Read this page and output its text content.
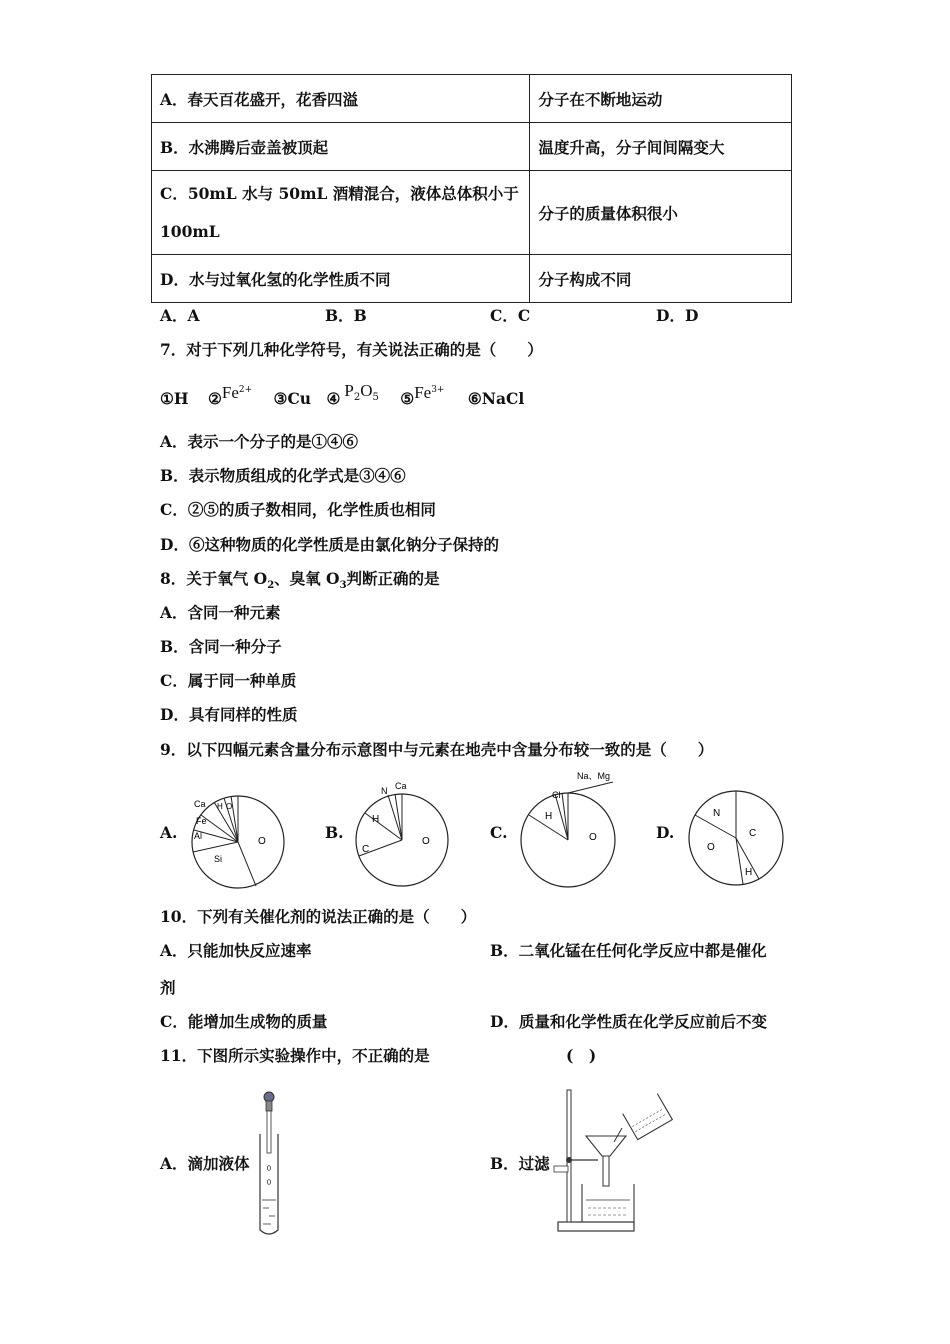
A．春天百花盛开，花香四溢	分子在不断地运动
B．水沸腾后壶盖被顶起	温度升高，分子间间隔变大

C．50mL 水与 50mL 酒精混合，液体总体积小于
100mL	分子的质量体积很小
D．水与过氧化氢的化学性质不同	分子构成不同
A．A	B．B	C．C	D．D
7．对于下列几种化学符号，有关说法正确的是（　　）
①H $②Fe^{2+}$ ③Cu ④ $P_2O_5$ $⑤Fe^{3+}$ ⑥NaCl
A．表示一个分子的是①④⑥
B．表示物质组成的化学式是③④⑥
C．②⑤的质子数相同，化学性质也相同
D．⑥这种物质的化学性质是由氯化钠分子保持的
8．关于氧气 $O_2$、臭氧 $O_3$判断正确的是
A．含同一种元素
B．含同一种分子
C．属于同一种单质
D．具有同样的性质
9．以下四幅元素含量分布示意图中与元素在地壳中含量分布较一致的是（　　）
A.	B.	C.	D.
Ca H O
Fe
Al
Si
O
N Ca
H
C
O
Cl
Na、Mg
H
O
N
C
O
H
10．下列有关催化剂的说法正确的是（　　）
A．只能加快反应速率	B．二氧化锰在任何化学反应中都是催化
剂
C．能增加生成物的质量	D．质量和化学性质在化学反应前后不变
11．下图所示实验操作中，不正确的是	(　)
A．滴加液体	B．过滤
